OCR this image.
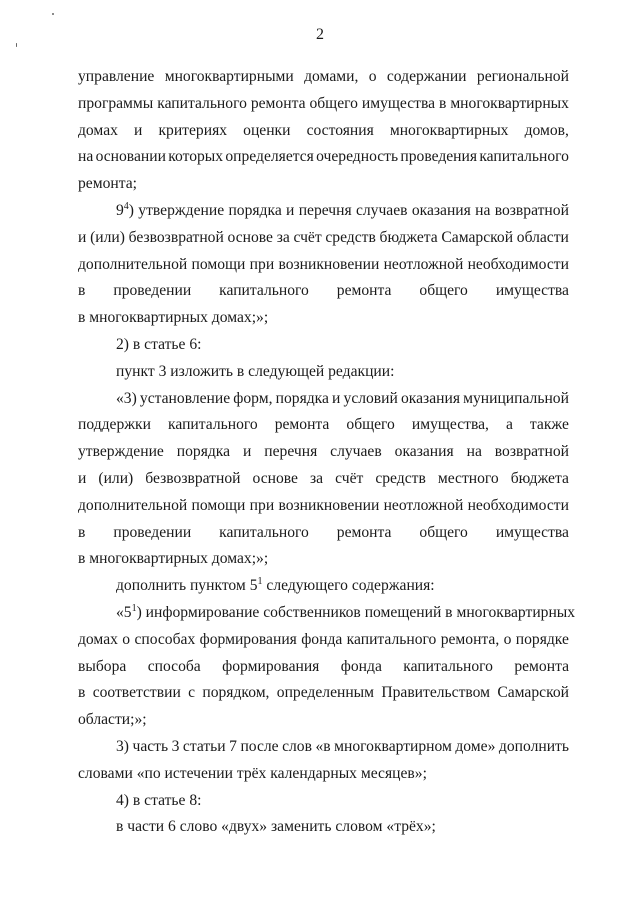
2
управление многоквартирными домами, о содержании региональной
программы капитального ремонта общего имущества в многоквартирных
домах и критериях оценки состояния многоквартирных домов,
на основании которых определяется очередность проведения капитального
ремонта;
$9^4$) утверждение порядка и перечня случаев оказания на возвратной
и (или) безвозвратной основе за счёт средств бюджета Самарской области
дополнительной помощи при возникновении неотложной необходимости
в проведении капитального ремонта общего имущества
в многоквартирных домах;»;
2) в статье 6:
пункт 3 изложить в следующей редакции:
«3) установление форм, порядка и условий оказания муниципальной
поддержки капитального ремонта общего имущества, а также
утверждение порядка и перечня случаев оказания на возвратной
и (или) безвозвратной основе за счёт средств местного бюджета
дополнительной помощи при возникновении неотложной необходимости
в проведении капитального ремонта общего имущества
в многоквартирных домах;»;
дополнить пунктом $5^1$ следующего содержания:
«$5^1$) информирование собственников помещений в многоквартирных
домах о способах формирования фонда капитального ремонта, о порядке
выбора способа формирования фонда капитального ремонта
в соответствии с порядком, определенным Правительством Самарской
области;»;
3) часть 3 статьи 7 после слов «в многоквартирном доме» дополнить
словами «по истечении трёх календарных месяцев»;
4) в статье 8:
в части 6 слово «двух» заменить словом «трёх»;
